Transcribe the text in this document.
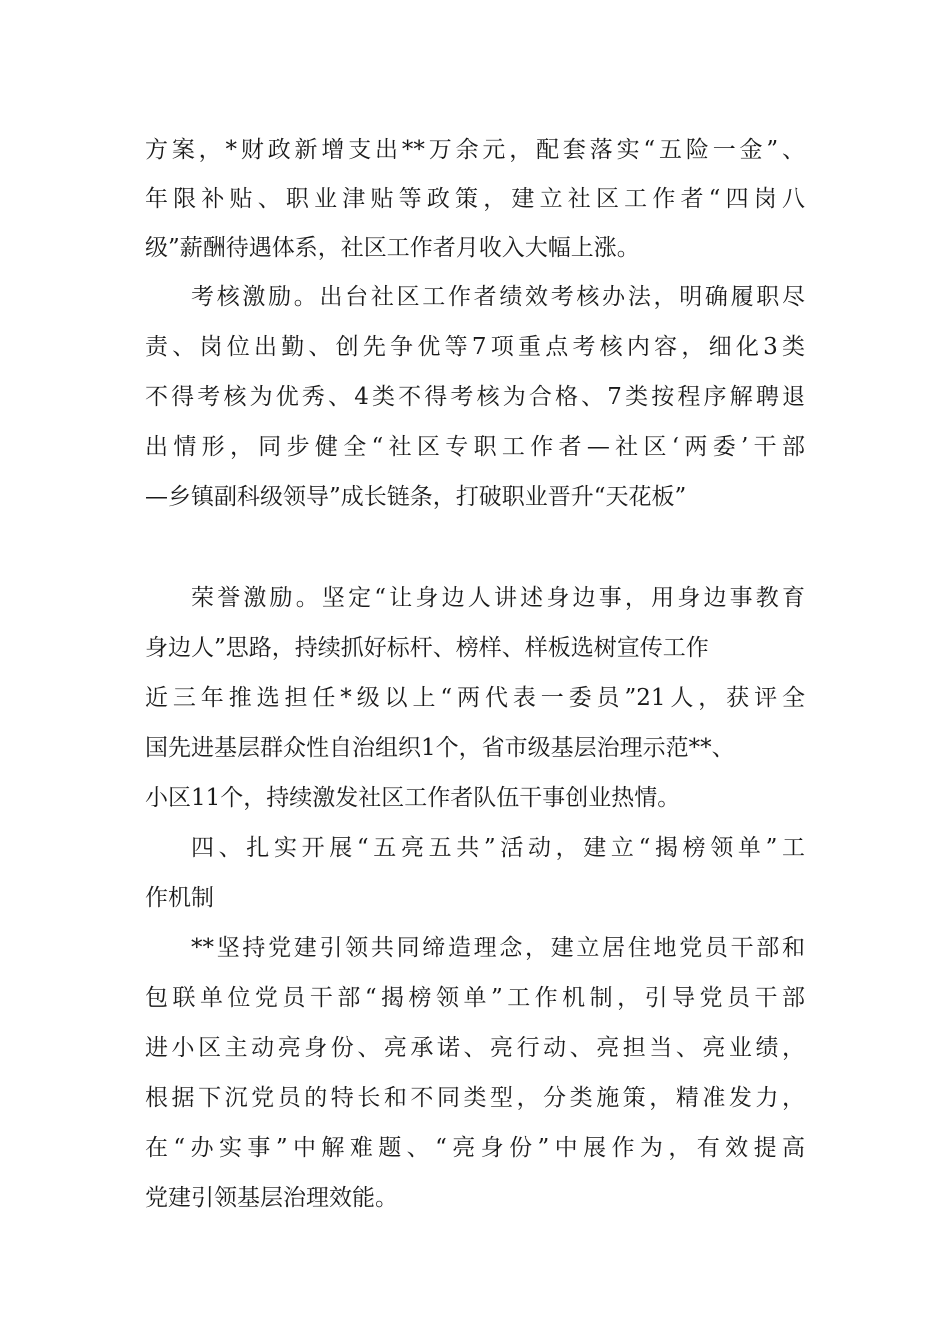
方案，*财政新增支出**万余元，配套落实“五险一金”、
年限补贴、职业津贴等政策，建立社区工作者“四岗八
级”薪酬待遇体系，社区工作者月收入大幅上涨。
考核激励。出台社区工作者绩效考核办法，明确履职尽
责、岗位出勤、创先争优等7项重点考核内容，细化3类
不得考核为优秀、4类不得考核为合格、7类按程序解聘退
出情形，同步健全“社区专职工作者—社区‘两委’干部
—乡镇副科级领导”成长链条，打破职业晋升“天花板”
荣誉激励。坚定“让身边人讲述身边事，用身边事教育
身边人”思路，持续抓好标杆、榜样、样板选树宣传工作
近三年推选担任*级以上“两代表一委员”21人，获评全
国先进基层群众性自治组织1个，省市级基层治理示范**、
小区11个，持续激发社区工作者队伍干事创业热情。
四、扎实开展“五亮五共”活动，建立“揭榜领单”工
作机制
**坚持党建引领共同缔造理念，建立居住地党员干部和
包联单位党员干部“揭榜领单”工作机制，引导党员干部
进小区主动亮身份、亮承诺、亮行动、亮担当、亮业绩，
根据下沉党员的特长和不同类型，分类施策，精准发力，
在“办实事”中解难题、“亮身份”中展作为，有效提高
党建引领基层治理效能。
